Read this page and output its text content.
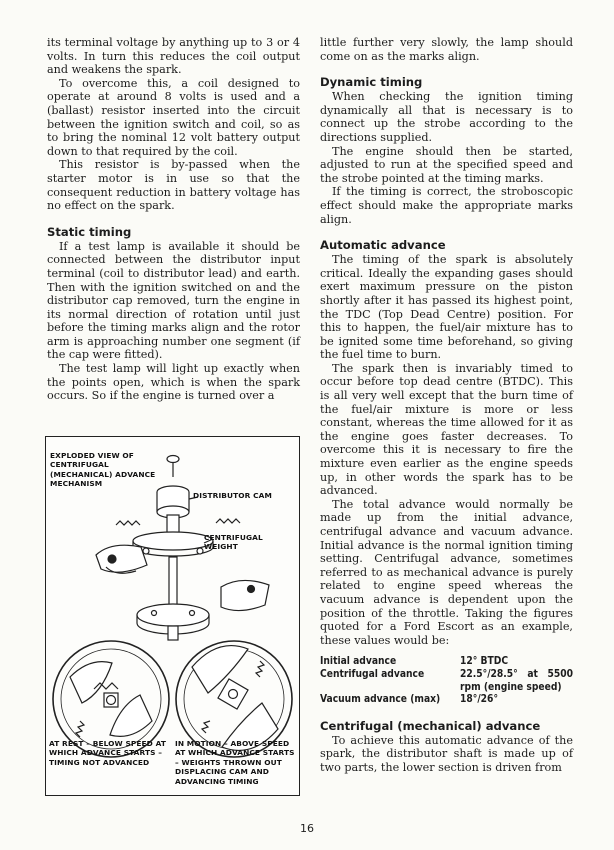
its terminal voltage by anything up to 3 or 4 volts. In turn this reduces the coil output and weakens the spark.

To overcome this, a coil designed to operate at around 8 volts is used and a (ballast) resistor inserted into the circuit between the ignition switch and coil, so as to bring the nominal 12 volt battery output down to that required by the coil.

This resistor is by-passed when the starter motor is in use so that the consequent reduction in battery voltage has no effect on the spark.

Static timing

If a test lamp is available it should be connected between the distributor input terminal (coil to distributor lead) and earth. Then with the ignition switched on and the distributor cap removed, turn the engine in its normal direction of rotation until just before the timing marks align and the rotor arm is approaching number one segment (if the cap were fitted).

The test lamp will light up exactly when the points open, which is when the spark occurs. So if the engine is turned over a

EXPLODED VIEW OF CENTRIFUGAL (MECHANICAL) ADVANCE MECHANISM
DISTRIBUTOR CAM
CENTRIFUGAL WEIGHT
AT REST – BELOW SPEED AT WHICH ADVANCE STARTS – TIMING NOT ADVANCED
IN MOTION – ABOVE SPEED AT WHICH ADVANCE STARTS – WEIGHTS THROWN OUT DISPLACING CAM AND ADVANCING TIMING

little further very slowly, the lamp should come on as the marks align.

Dynamic timing

When checking the ignition timing dynamically all that is necessary is to connect up the strobe according to the directions supplied.

The engine should then be started, adjusted to run at the specified speed and the strobe pointed at the timing marks.

If the timing is correct, the stroboscopic effect should make the appropriate marks align.

Automatic advance

The timing of the spark is absolutely critical. Ideally the expanding gases should exert maximum pressure on the piston shortly after it has passed its highest point, the TDC (Top Dead Centre) position. For this to happen, the fuel/air mixture has to be ignited some time beforehand, so giving the fuel time to burn.

The spark then is invariably timed to occur before top dead centre (BTDC). This is all very well except that the burn time of the fuel/air mixture is more or less constant, whereas the time allowed for it as the engine goes faster decreases. To overcome this it is necessary to fire the mixture even earlier as the engine speeds up, in other words the spark has to be advanced.

The total advance would normally be made up from the initial advance, centrifugal advance and vacuum advance. Initial advance is the normal ignition timing setting. Centrifugal advance, sometimes referred to as mechanical advance is purely related to engine speed whereas the vacuum advance is dependent upon the position of the throttle. Taking the figures quoted for a Ford Escort as an example, these values would be:

Initial advance	12° BTDC
Centrifugal advance	22.5°/28.5° at 5500 rpm (engine speed)
Vacuum advance (max)	18°/26°
Centrifugal (mechanical) advance

To achieve this automatic advance of the spark, the distributor shaft is made up of two parts, the lower section is driven from

16
